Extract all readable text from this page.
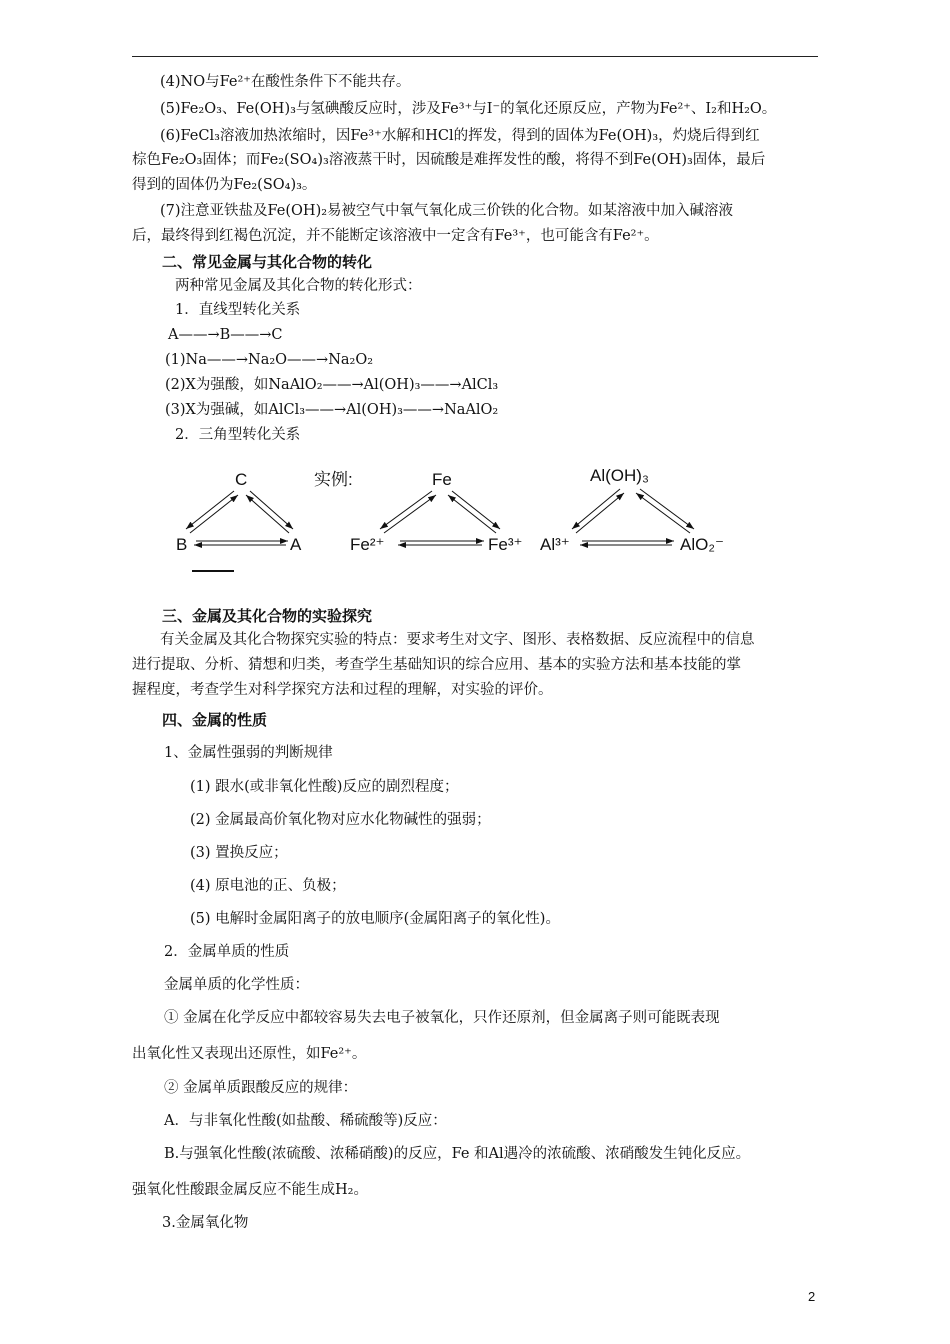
(4)NO与Fe²⁺在酸性条件下不能共存。
(5)Fe₂O₃、Fe(OH)₃与氢碘酸反应时，涉及Fe³⁺与I⁻的氧化还原反应，产物为Fe²⁺、I₂和H₂O。
(6)FeCl₃溶液加热浓缩时，因Fe³⁺水解和HCl的挥发，得到的固体为Fe(OH)₃，灼烧后得到红
棕色Fe₂O₃固体；而Fe₂(SO₄)₃溶液蒸干时，因硫酸是难挥发性的酸，将得不到Fe(OH)₃固体，最后
得到的固体仍为Fe₂(SO₄)₃。
(7)注意亚铁盐及Fe(OH)₂易被空气中氧气氧化成三价铁的化合物。如某溶液中加入碱溶液
后，最终得到红褐色沉淀，并不能断定该溶液中一定含有Fe³⁺，也可能含有Fe²⁺。
二、常见金属与其化合物的转化
两种常见金属及其化合物的转化形式：
1．直线型转化关系
A——→B——→C
(1)Na——→Na₂O——→Na₂O₂
(2)X为强酸，如NaAlO₂——→Al(OH)₃——→AlCl₃
(3)X为强碱，如AlCl₃——→Al(OH)₃——→NaAlO₂
2．三角型转化关系
C
B	A
实例:	Fe
Fe²⁺	Fe³⁺
Al(OH)₃
Al³⁺	AlO₂⁻
三、金属及其化合物的实验探究
有关金属及其化合物探究实验的特点：要求考生对文字、图形、表格数据、反应流程中的信息
进行提取、分析、猜想和归类，考查学生基础知识的综合应用、基本的实验方法和基本技能的掌
握程度，考查学生对科学探究方法和过程的理解，对实验的评价。
四、金属的性质
1、金属性强弱的判断规律
(1) 跟水(或非氧化性酸)反应的剧烈程度；
(2) 金属最高价氧化物对应水化物碱性的强弱；
(3) 置换反应；
(4) 原电池的正、负极；
(5) 电解时金属阳离子的放电顺序(金属阳离子的氧化性)。
2．金属单质的性质
金属单质的化学性质：
① 金属在化学反应中都较容易失去电子被氧化，只作还原剂，但金属离子则可能既表现
出氧化性又表现出还原性，如Fe²⁺。
② 金属单质跟酸反应的规律：
A．与非氧化性酸(如盐酸、稀硫酸等)反应：
B.与强氧化性酸(浓硫酸、浓稀硝酸)的反应，Fe 和Al遇冷的浓硫酸、浓硝酸发生钝化反应。
强氧化性酸跟金属反应不能生成H₂。
3.金属氧化物
2
